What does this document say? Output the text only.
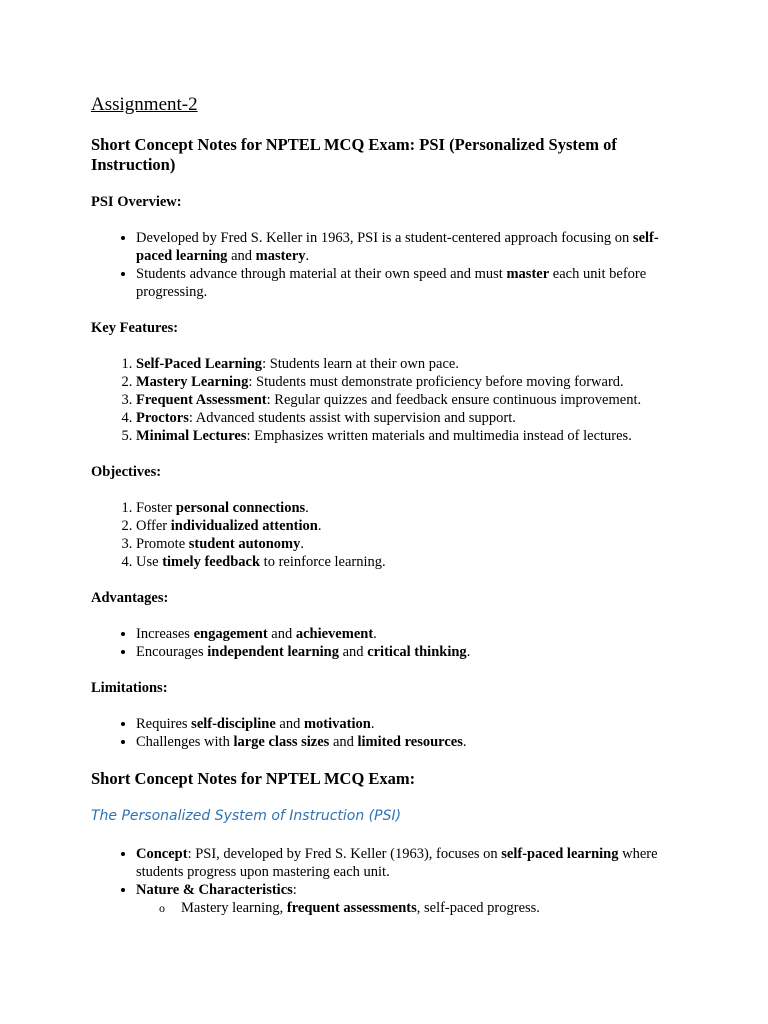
Assignment-2
Short Concept Notes for NPTEL MCQ Exam: PSI (Personalized System of Instruction)
PSI Overview:
• Developed by Fred S. Keller in 1963, PSI is a student-centered approach focusing on self-paced learning and mastery.
• Students advance through material at their own speed and must master each unit before progressing.
Key Features:
1. Self-Paced Learning: Students learn at their own pace.
2. Mastery Learning: Students must demonstrate proficiency before moving forward.
3. Frequent Assessment: Regular quizzes and feedback ensure continuous improvement.
4. Proctors: Advanced students assist with supervision and support.
5. Minimal Lectures: Emphasizes written materials and multimedia instead of lectures.
Objectives:
1. Foster personal connections.
2. Offer individualized attention.
3. Promote student autonomy.
4. Use timely feedback to reinforce learning.
Advantages:
• Increases engagement and achievement.
• Encourages independent learning and critical thinking.
Limitations:
• Requires self-discipline and motivation.
• Challenges with large class sizes and limited resources.
Short Concept Notes for NPTEL MCQ Exam:
The Personalized System of Instruction (PSI)
• Concept: PSI, developed by Fred S. Keller (1963), focuses on self-paced learning where students progress upon mastering each unit.
• Nature & Characteristics:
o Mastery learning, frequent assessments, self-paced progress.
